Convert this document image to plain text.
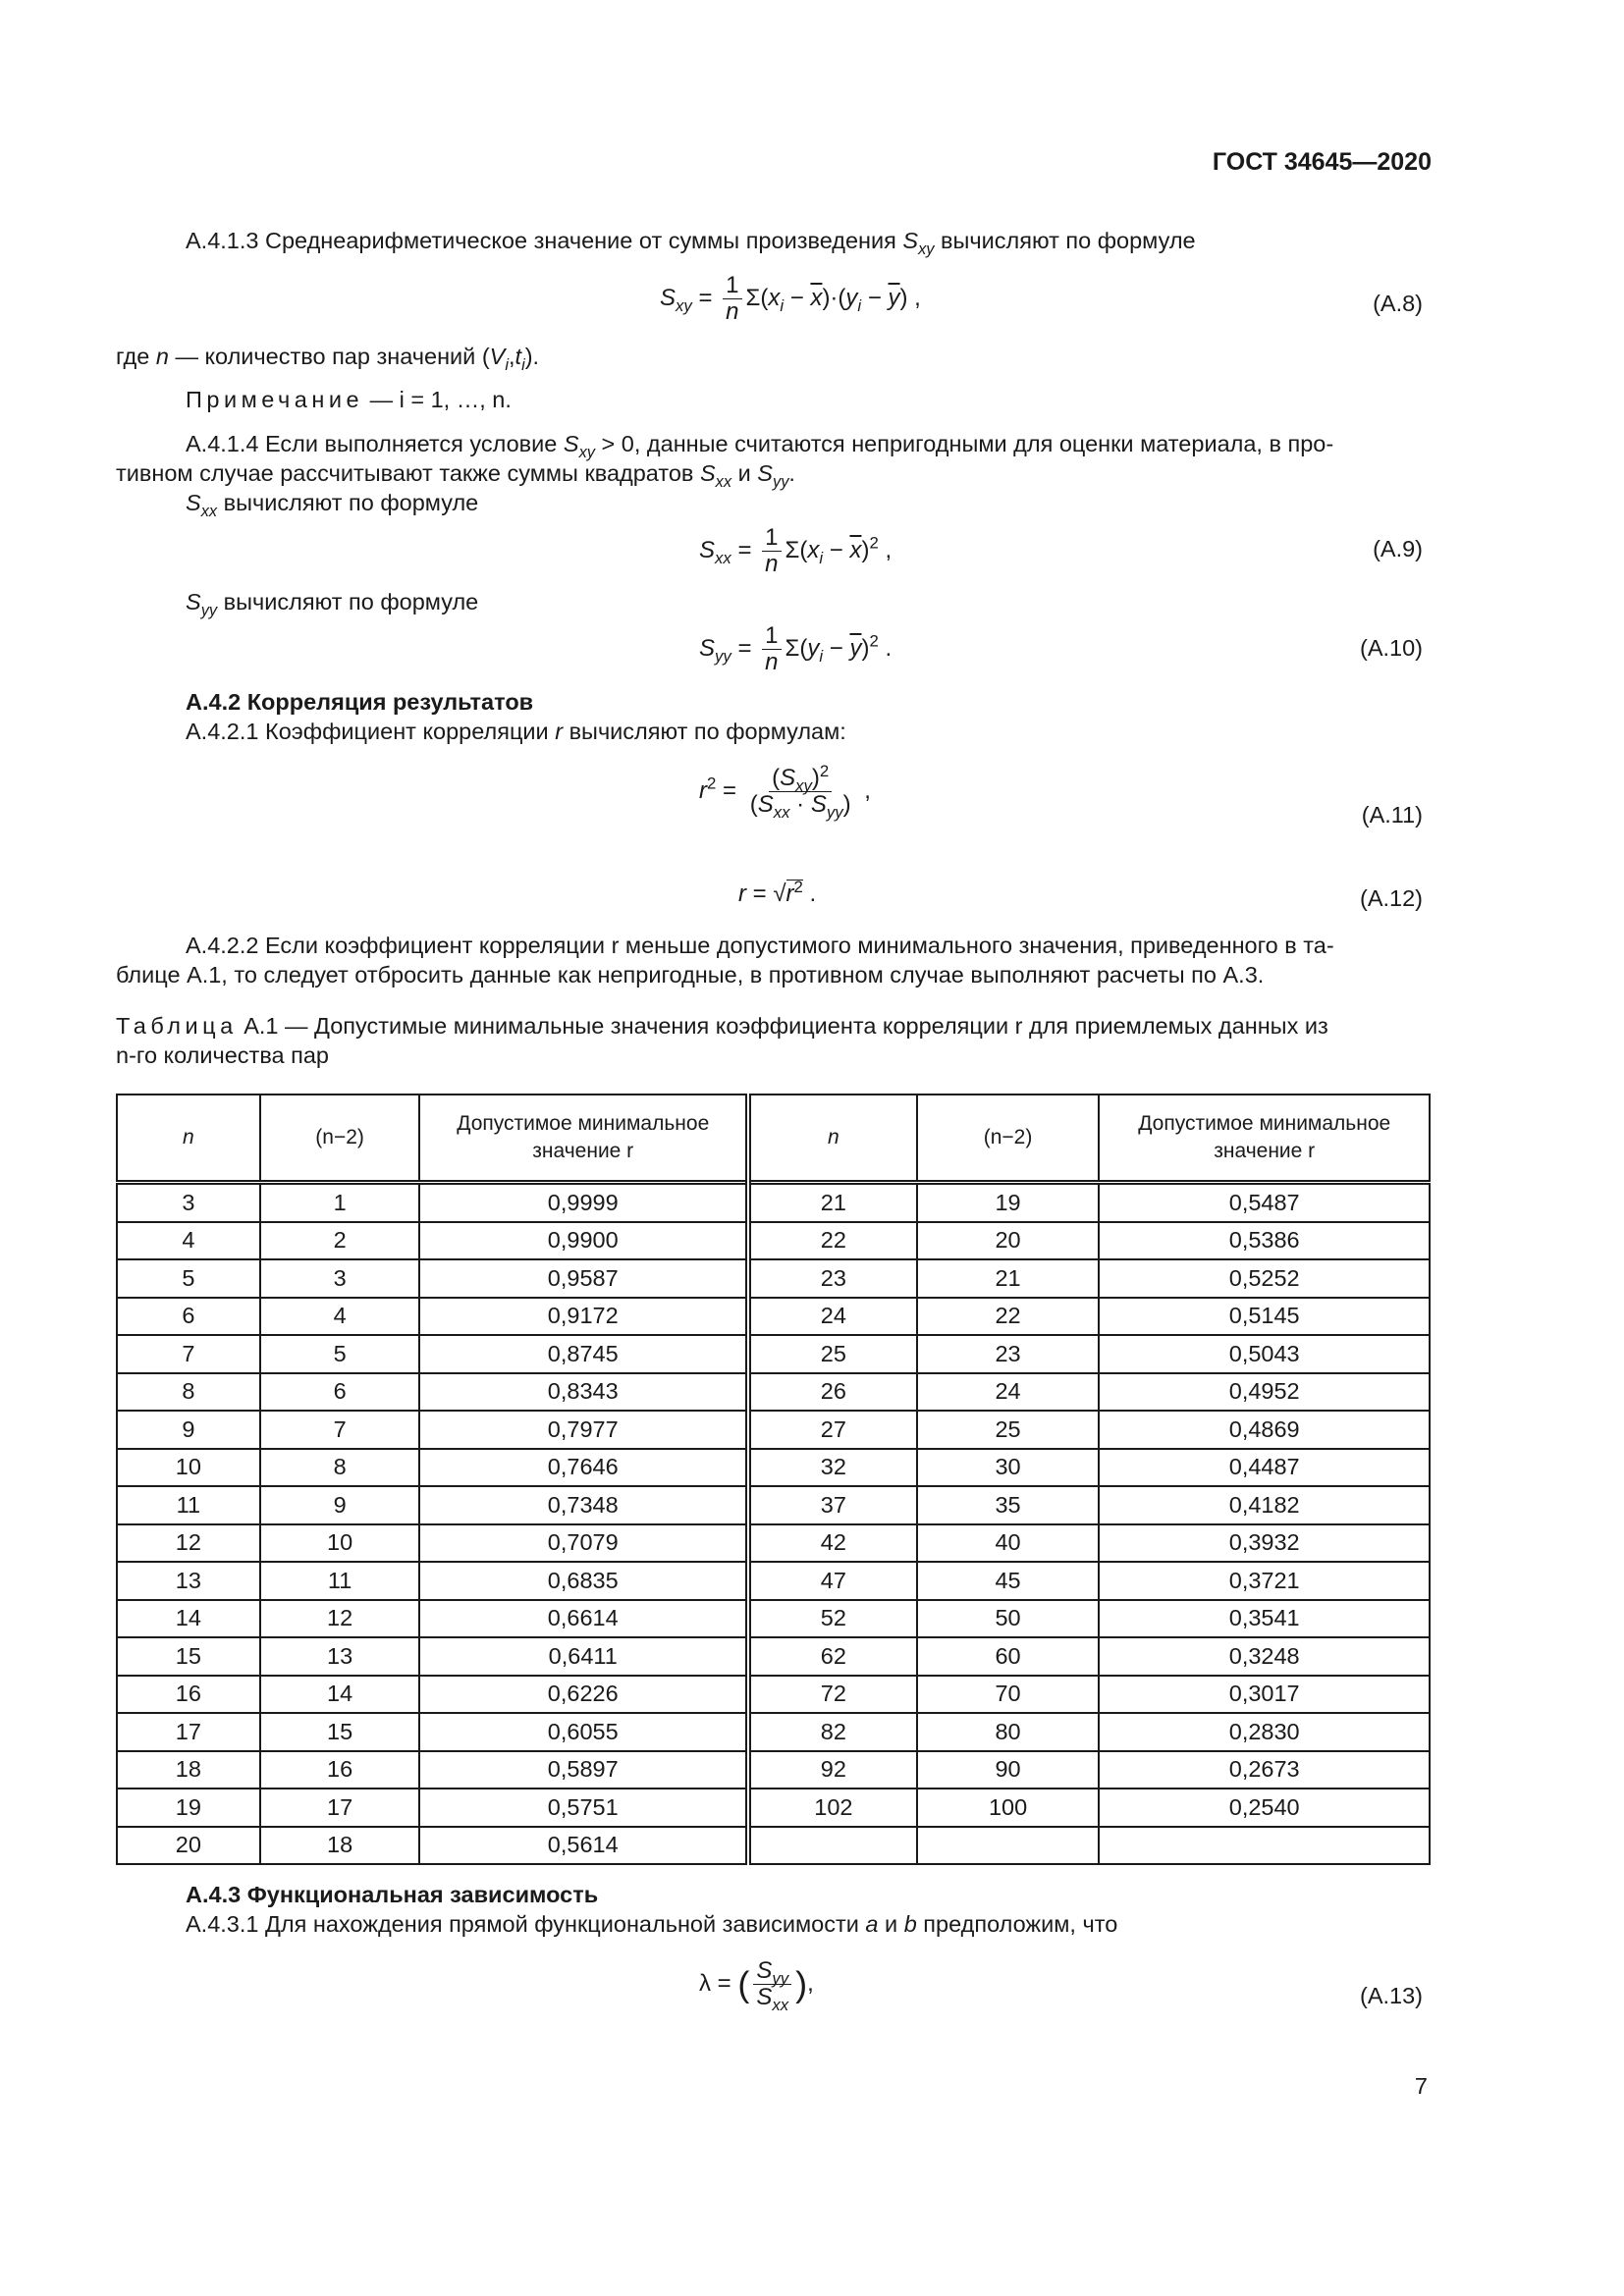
ГОСТ 34645—2020
А.4.1.3 Среднеарифметическое значение от суммы произведения $S_{xy}$ вычисляют по формуле
$S_{xy} = \frac{1}{n} \Sigma(x_i - \overline{x})\cdot(y_i - \overline{y})$ ,	(А.8)
где n — количество пар значений $(V_i,t_i)$.
Примечание — i = 1, …, n.
А.4.1.4 Если выполняется условие $S_{xy} > 0$, данные считаются непригодными для оценки материала, в про-
тивном случае рассчитывают также суммы квадратов $S_{xx}$ и $S_{yy}$.
$S_{xx}$ вычисляют по формуле
$S_{xx} = \frac{1}{n} \Sigma(x_i - \overline{x})^2$ ,	(А.9)
$S_{yy}$ вычисляют по формуле
$S_{yy} = \frac{1}{n} \Sigma(y_i - \overline{y})^2$ .	(А.10)
А.4.2 Корреляция результатов
А.4.2.1 Коэффициент корреляции r вычисляют по формулам:
$r^2 = \frac{(S_{xy})^2}{(S_{xx} \cdot S_{yy})}$ ,
(А.11)
$r = √r^2$ .	(А.12)
А.4.2.2 Если коэффициент корреляции r меньше допустимого минимального значения, приведенного в та-
блице А.1, то следует отбросить данные как непригодные, в противном случае выполняют расчеты по А.3.
Таблица А.1 — Допустимые минимальные значения коэффициента корреляции r для приемлемых данных из
n-го количества пар
n	(n−2)	Допустимое минимальное значение r	n	(n−2)	Допустимое минимальное значение r
3	1	0,9999	21	19	0,5487
4	2	0,9900	22	20	0,5386
5	3	0,9587	23	21	0,5252
6	4	0,9172	24	22	0,5145
7	5	0,8745	25	23	0,5043
8	6	0,8343	26	24	0,4952
9	7	0,7977	27	25	0,4869
10	8	0,7646	32	30	0,4487
11	9	0,7348	37	35	0,4182
12	10	0,7079	42	40	0,3932
13	11	0,6835	47	45	0,3721
14	12	0,6614	52	50	0,3541
15	13	0,6411	62	60	0,3248
16	14	0,6226	72	70	0,3017
17	15	0,6055	82	80	0,2830
18	16	0,5897	92	90	0,2673
19	17	0,5751	102	100	0,2540
20	18	0,5614			
А.4.3 Функциональная зависимость
А.4.3.1 Для нахождения прямой функциональной зависимости a и b предположим, что
λ = ( $\frac{S_{yy}}{S_{xx}}$ ),	(А.13)
7
